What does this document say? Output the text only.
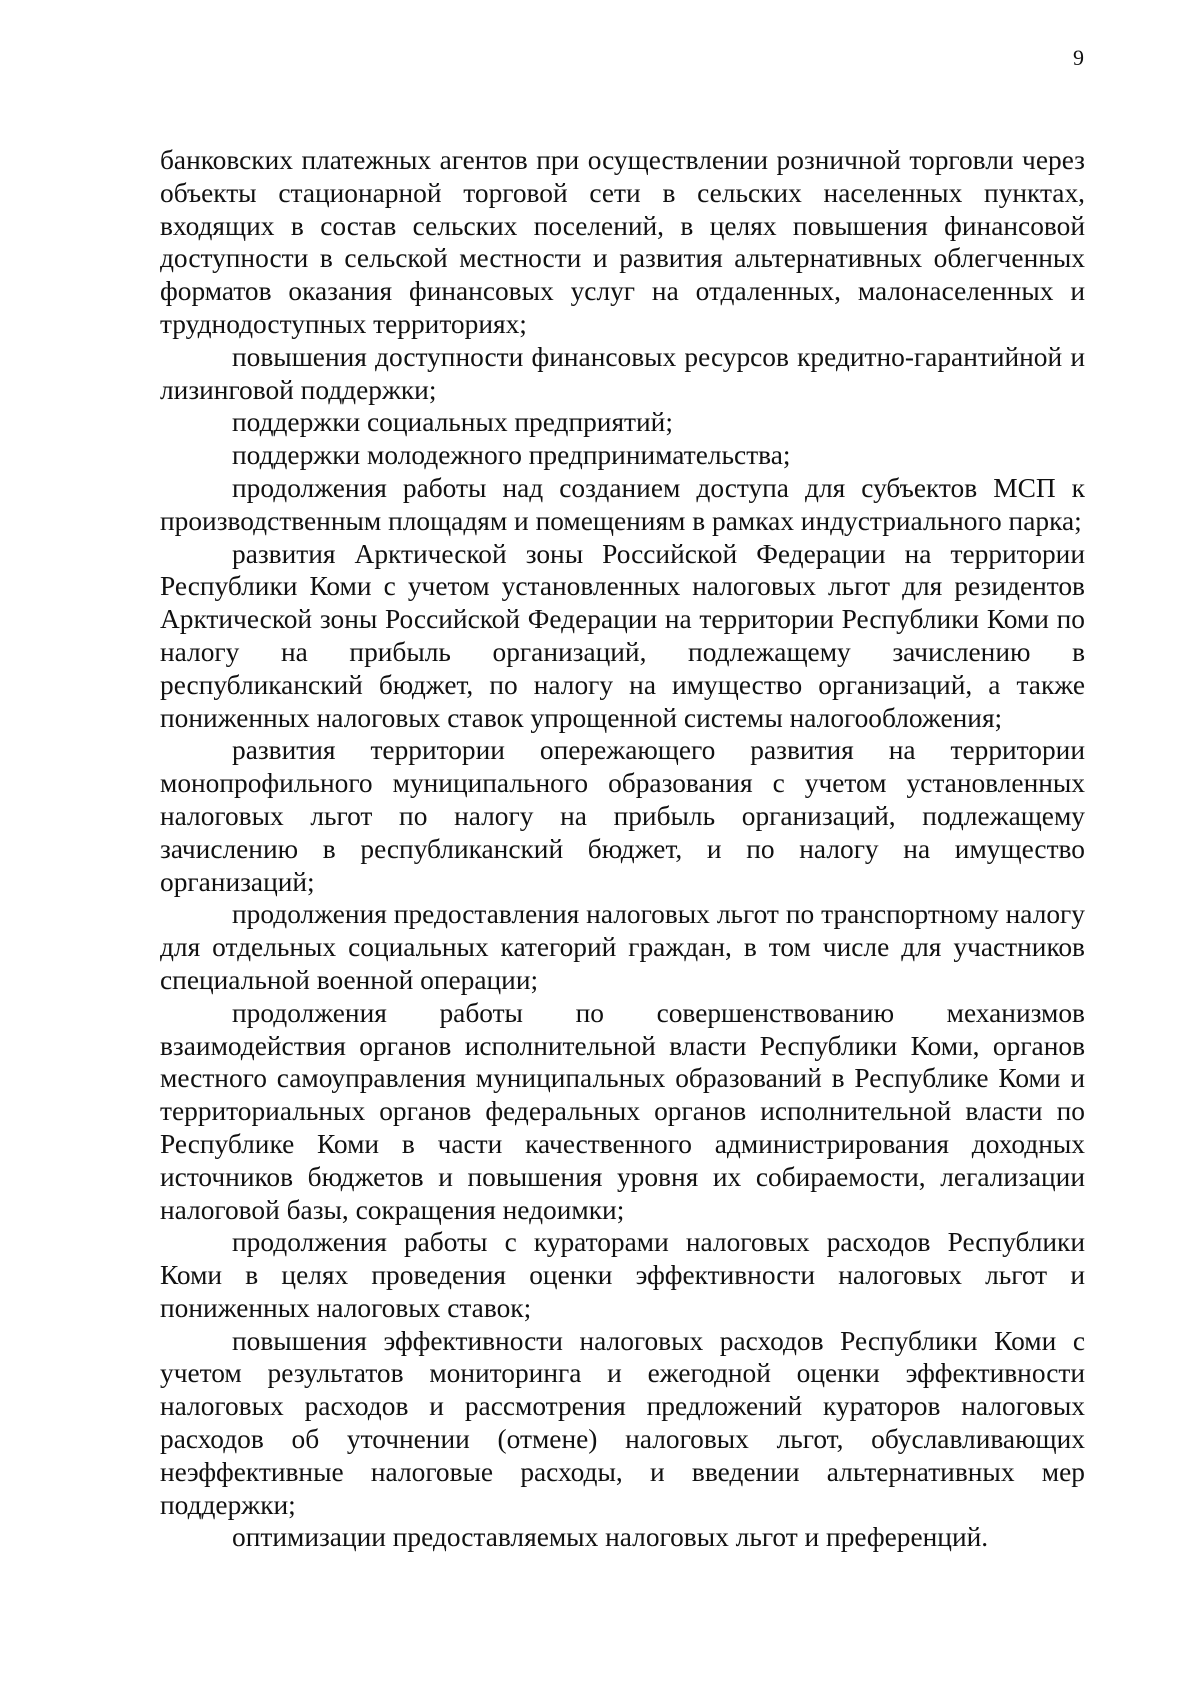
9

банковских платежных агентов при осуществлении розничной торговли через объекты стационарной торговой сети в сельских населенных пунктах, входящих в состав сельских поселений, в целях повышения финансовой доступности в сельской местности и развития альтернативных облегченных форматов оказания финансовых услуг на отдаленных, малонаселенных и труднодоступных территориях;

повышения доступности финансовых ресурсов кредитно-гарантийной и лизинговой поддержки;

поддержки социальных предприятий;

поддержки молодежного предпринимательства;

продолжения работы над созданием доступа для субъектов МСП к производственным площадям и помещениям в рамках индустриального парка;

развития Арктической зоны Российской Федерации на территории Республики Коми с учетом установленных налоговых льгот для резидентов Арктической зоны Российской Федерации на территории Республики Коми по налогу на прибыль организаций, подлежащему зачислению в республиканский бюджет, по налогу на имущество организаций, а также пониженных налоговых ставок упрощенной системы налогообложения;

развития территории опережающего развития на территории монопрофильного муниципального образования с учетом установленных налоговых льгот по налогу на прибыль организаций, подлежащему зачислению в республиканский бюджет, и по налогу на имущество организаций;

продолжения предоставления налоговых льгот по транспортному налогу для отдельных социальных категорий граждан, в том числе для участников специальной военной операции;

продолжения работы по совершенствованию механизмов взаимодействия органов исполнительной власти Республики Коми, органов местного самоуправления муниципальных образований в Республике Коми и территориальных органов федеральных органов исполнительной власти по Республике Коми в части качественного администрирования доходных источников бюджетов и повышения уровня их собираемости, легализации налоговой базы, сокращения недоимки;

продолжения работы с кураторами налоговых расходов Республики Коми в целях проведения оценки эффективности налоговых льгот и пониженных налоговых ставок;

повышения эффективности налоговых расходов Республики Коми с учетом результатов мониторинга и ежегодной оценки эффективности налоговых расходов и рассмотрения предложений кураторов налоговых расходов об уточнении (отмене) налоговых льгот, обуславливающих неэффективные налоговые расходы, и введении альтернативных мер поддержки;

оптимизации предоставляемых налоговых льгот и преференций.
